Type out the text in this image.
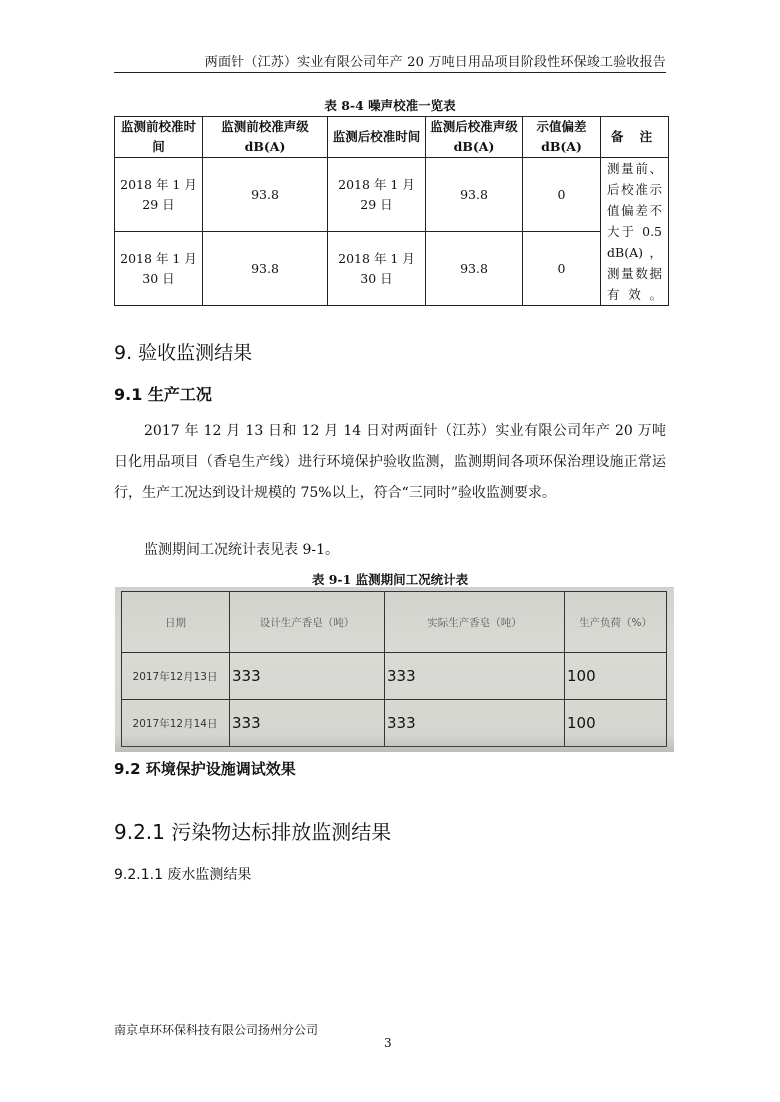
两面针（江苏）实业有限公司年产 20 万吨日用品项目阶段性环保竣工验收报告
表 8-4 噪声校准一览表
监测前校准时间	监测前校准声级 dB(A)	监测后校准时间	监测后校准声级 dB(A)	示值偏差 dB(A)	备 注
2018 年 1 月 29 日	93.8	2018 年 1 月 29 日	93.8	0	测量前、后校准示值偏差不大于 0.5 dB(A)，测量数据有效。
2018 年 1 月 30 日	93.8	2018 年 1 月 30 日	93.8	0	
9. 验收监测结果
9.1 生产工况

2017 年 12 月 13 日和 12 月 14 日对两面针（江苏）实业有限公司年产 20 万吨日化用品项目（香皂生产线）进行环境保护验收监测，监测期间各项环保治理设施正常运行，生产工况达到设计规模的 75%以上，符合“三同时”验收监测要求。

监测期间工况统计表见表 9-1。
表 9-1 监测期间工况统计表
日期	设计生产香皂（吨）	实际生产香皂（吨）	生产负荷（%）
2017年12月13日	333	333	100
2017年12月14日	333	333	100
9.2 环境保护设施调试效果
9.2.1 污染物达标排放监测结果
9.2.1.1 废水监测结果
南京卓环环保科技有限公司扬州分公司
3
